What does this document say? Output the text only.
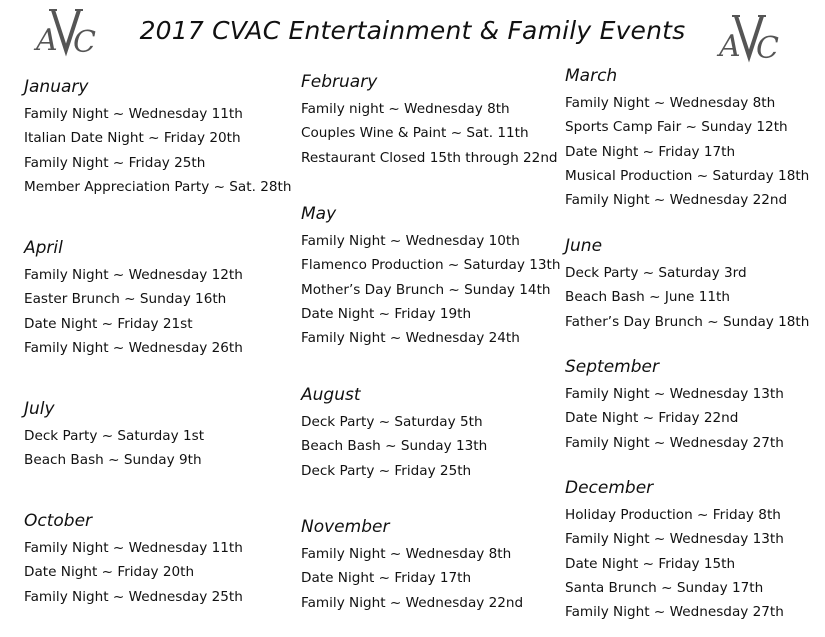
A C	A C
2017 CVAC Entertainment & Family Events
January
Family Night ~ Wednesday 11th
Italian Date Night ~ Friday 20th
Family Night ~ Friday 25th
Member Appreciation Party ~ Sat. 28th
April
Family Night ~ Wednesday 12th
Easter Brunch ~ Sunday 16th
Date Night ~ Friday 21st
Family Night ~ Wednesday 26th
July
Deck Party ~ Saturday 1st
Beach Bash ~ Sunday 9th
October
Family Night ~ Wednesday 11th
Date Night ~ Friday 20th
Family Night ~ Wednesday 25th
February
Family night ~ Wednesday 8th
Couples Wine & Paint ~ Sat. 11th
Restaurant Closed 15th through 22nd
May
Family Night ~ Wednesday 10th
Flamenco Production ~ Saturday 13th
Mother’s Day Brunch ~ Sunday 14th
Date Night ~ Friday 19th
Family Night ~ Wednesday 24th
August
Deck Party ~ Saturday 5th
Beach Bash ~ Sunday 13th
Deck Party ~ Friday 25th
November
Family Night ~ Wednesday 8th
Date Night ~ Friday 17th
Family Night ~ Wednesday 22nd
March
Family Night ~ Wednesday 8th
Sports Camp Fair ~ Sunday 12th
Date Night ~ Friday 17th
Musical Production ~ Saturday 18th
Family Night ~ Wednesday 22nd
June
Deck Party ~ Saturday 3rd
Beach Bash ~ June 11th
Father’s Day Brunch ~ Sunday 18th
September
Family Night ~ Wednesday 13th
Date Night ~ Friday 22nd
Family Night ~ Wednesday 27th
December
Holiday Production ~ Friday 8th
Family Night ~ Wednesday 13th
Date Night ~ Friday 15th
Santa Brunch ~ Sunday 17th
Family Night ~ Wednesday 27th
